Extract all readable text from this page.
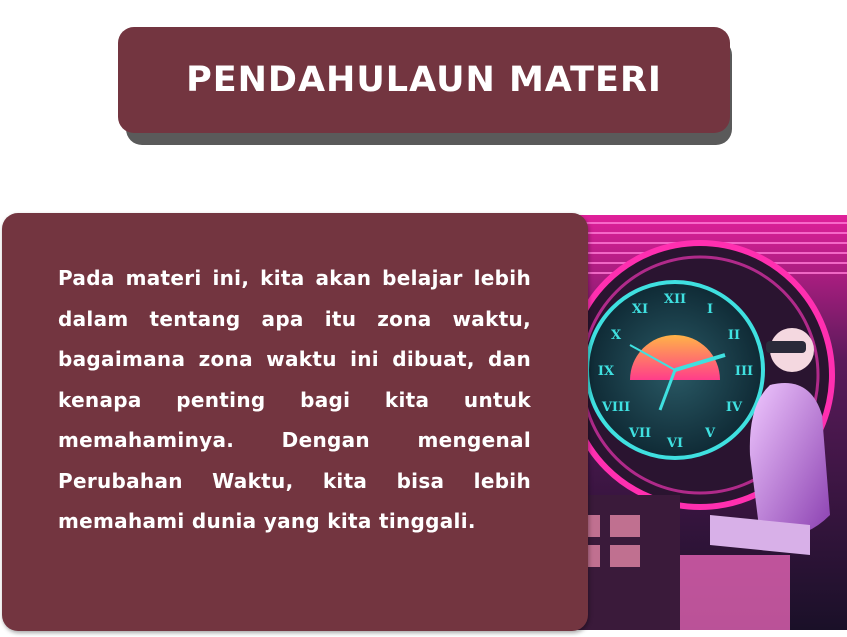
PENDAHULAUN MATERI
XII
I
II
III
IV
V
VI
VII
VIII
IX
X
XI

Pada materi ini, kita akan belajar lebih dalam tentang apa itu zona waktu, bagaimana zona waktu ini dibuat, dan kenapa penting bagi kita untuk memahaminya. Dengan mengenal Perubahan Waktu, kita bisa lebih memahami dunia yang kita tinggali.
